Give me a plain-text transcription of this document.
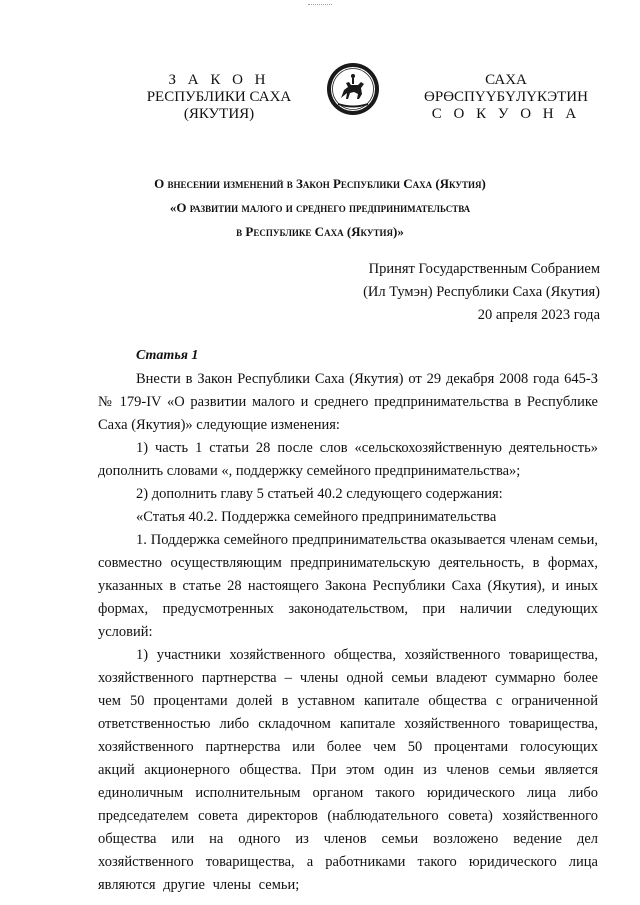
З А К О Н
РЕСПУБЛИКИ САХА (ЯКУТИЯ)
САХА ӨРӨСПҮҮБҮЛҮКЭТИН
С О К У О Н А
О внесении изменений в Закон Республики Саха (Якутия)
«О развитии малого и среднего предпринимательства
в Республике Саха (Якутия)»
Принят Государственным Собранием
(Ил Тумэн) Республики Саха (Якутия)
20 апреля 2023 года
Статья 1

Внести в Закон Республики Саха (Якутия) от 29 декабря 2008 года 645-З № 179-IV «О развитии малого и среднего предпринимательства в Республике Саха (Якутия)» следующие изменения:

1) часть 1 статьи 28 после слов «сельскохозяйственную деятельность» дополнить словами «, поддержку семейного предпринимательства»;

2) дополнить главу 5 статьей 40.2 следующего содержания:

«Статья 40.2. Поддержка семейного предпринимательства

1. Поддержка семейного предпринимательства оказывается членам семьи, совместно осуществляющим предпринимательскую деятельность, в формах, указанных в статье 28 настоящего Закона Республики Саха (Якутия), и иных формах, предусмотренных законодательством, при наличии следующих условий:

1) участники хозяйственного общества, хозяйственного товарищества, хозяйственного партнерства – члены одной семьи владеют суммарно более чем 50 процентами долей в уставном капитале общества с ограниченной ответственностью либо складочном капитале хозяйственного товарищества, хозяйственного партнерства или более чем 50 процентами голосующих акций акционерного общества. При этом один из членов семьи является единоличным исполнительным органом такого юридического лица либо председателем совета директоров (наблюдательного совета) хозяйственного общества или на одного из членов семьи возложено ведение дел хозяйственного товарищества, а работниками такого юридического лица являются другие члены семьи;
